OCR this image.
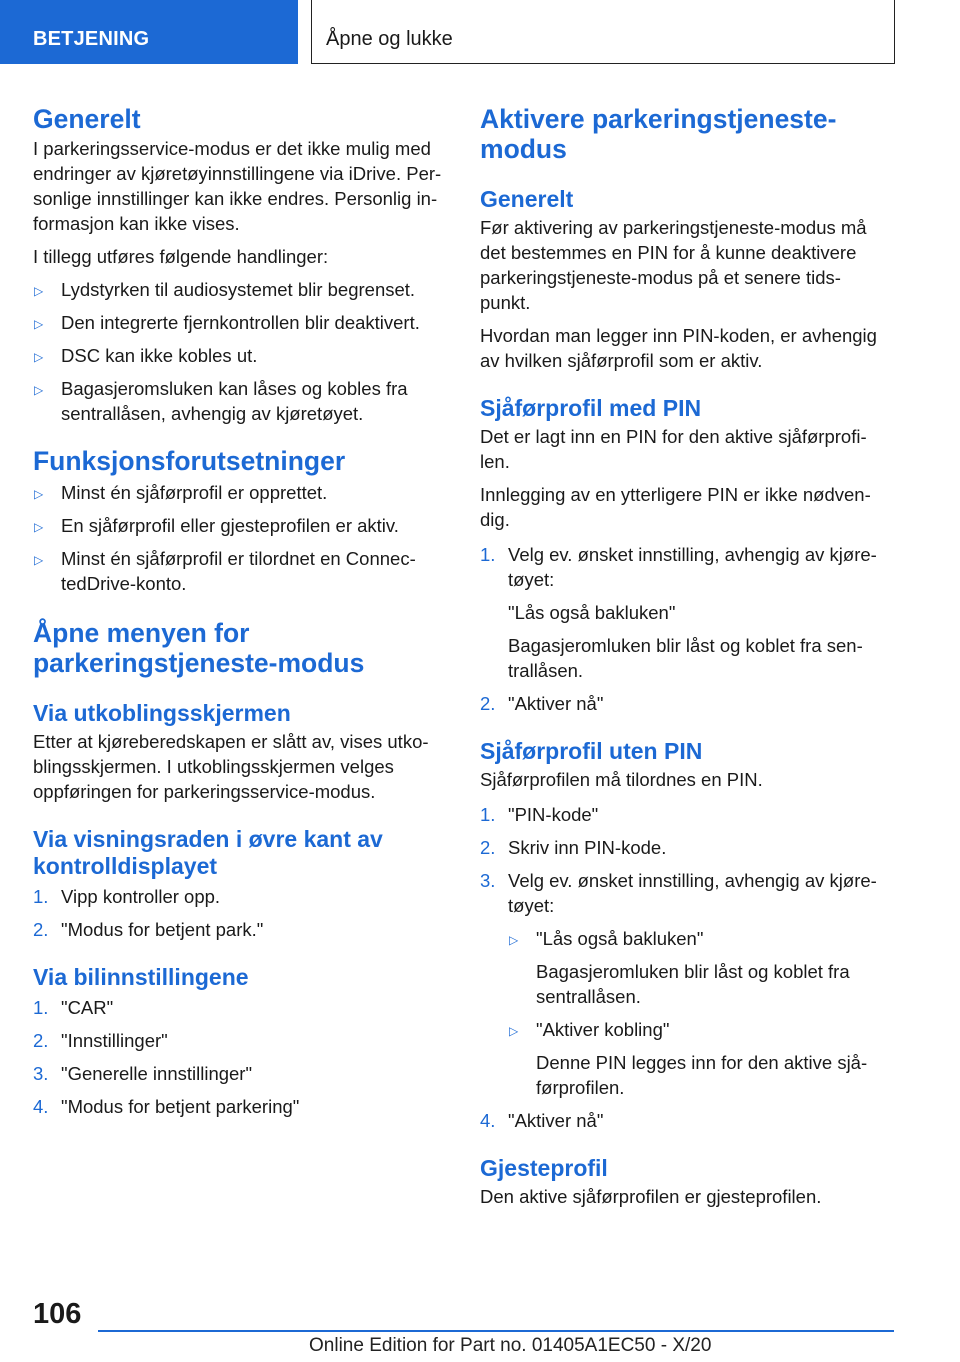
BETJENING	Åpne og lukke
Generelt

I parkeringsservice-modus er det ikke mulig med endringer av kjøretøyinnstillingene via iDrive. Per-sonlige innstillinger kan ikke endres. Personlig in-formasjon kan ikke vises.

I tillegg utføres følgende handlinger:

▷ Lydstyrken til audiosystemet blir begrenset.
▷ Den integrerte fjernkontrollen blir deaktivert.
▷ DSC kan ikke kobles ut.
▷ Bagasjeromsluken kan låses og kobles fra sentrallåsen, avhengig av kjøretøyet.
Funksjonsforutsetninger
▷ Minst én sjåførprofil er opprettet.
▷ En sjåførprofil eller gjesteprofilen er aktiv.
▷ Minst én sjåførprofil er tilordnet en Connec-tedDrive-konto.
Åpne menyen for parkeringstjeneste-modus
Via utkoblingsskjermen

Etter at kjøreberedskapen er slått av, vises utko-blingsskjermen. I utkoblingsskjermen velges oppføringen for parkeringsservice-modus.

Via visningsraden i øvre kant av kontrolldisplayet
1. Vipp kontroller opp.
2. "Modus for betjent park."
Via bilinnstillingene
1. "CAR"
2. "Innstillinger"
3. "Generelle innstillinger"
4. "Modus for betjent parkering"
Aktivere parkeringstjeneste-modus
Generelt

Før aktivering av parkeringstjeneste-modus må det bestemmes en PIN for å kunne deaktivere parkeringstjeneste-modus på et senere tids-punkt.

Hvordan man legger inn PIN-koden, er avhengig av hvilken sjåførprofil som er aktiv.

Sjåførprofil med PIN

Det er lagt inn en PIN for den aktive sjåførprofi-len.

Innlegging av en ytterligere PIN er ikke nødven-dig.

1. Velg ev. ønsket innstilling, avhengig av kjøre-tøyet:

"Lås også bakluken"

Bagasjeromluken blir låst og koblet fra sen-trallåsen.

2. "Aktiver nå"
Sjåførprofil uten PIN

Sjåførprofilen må tilordnes en PIN.

1. "PIN-kode"
2. Skriv inn PIN-kode.
3. Velg ev. ønsket innstilling, avhengig av kjøre-tøyet:
▷ "Lås også bakluken"

Bagasjeromluken blir låst og koblet fra sentrallåsen.

▷ "Aktiver kobling"

Denne PIN legges inn for den aktive sjå-førprofilen.

4. "Aktiver nå"
Gjesteprofil

Den aktive sjåførprofilen er gjesteprofilen.

106
Online Edition for Part no. 01405A1EC50 - X/20
